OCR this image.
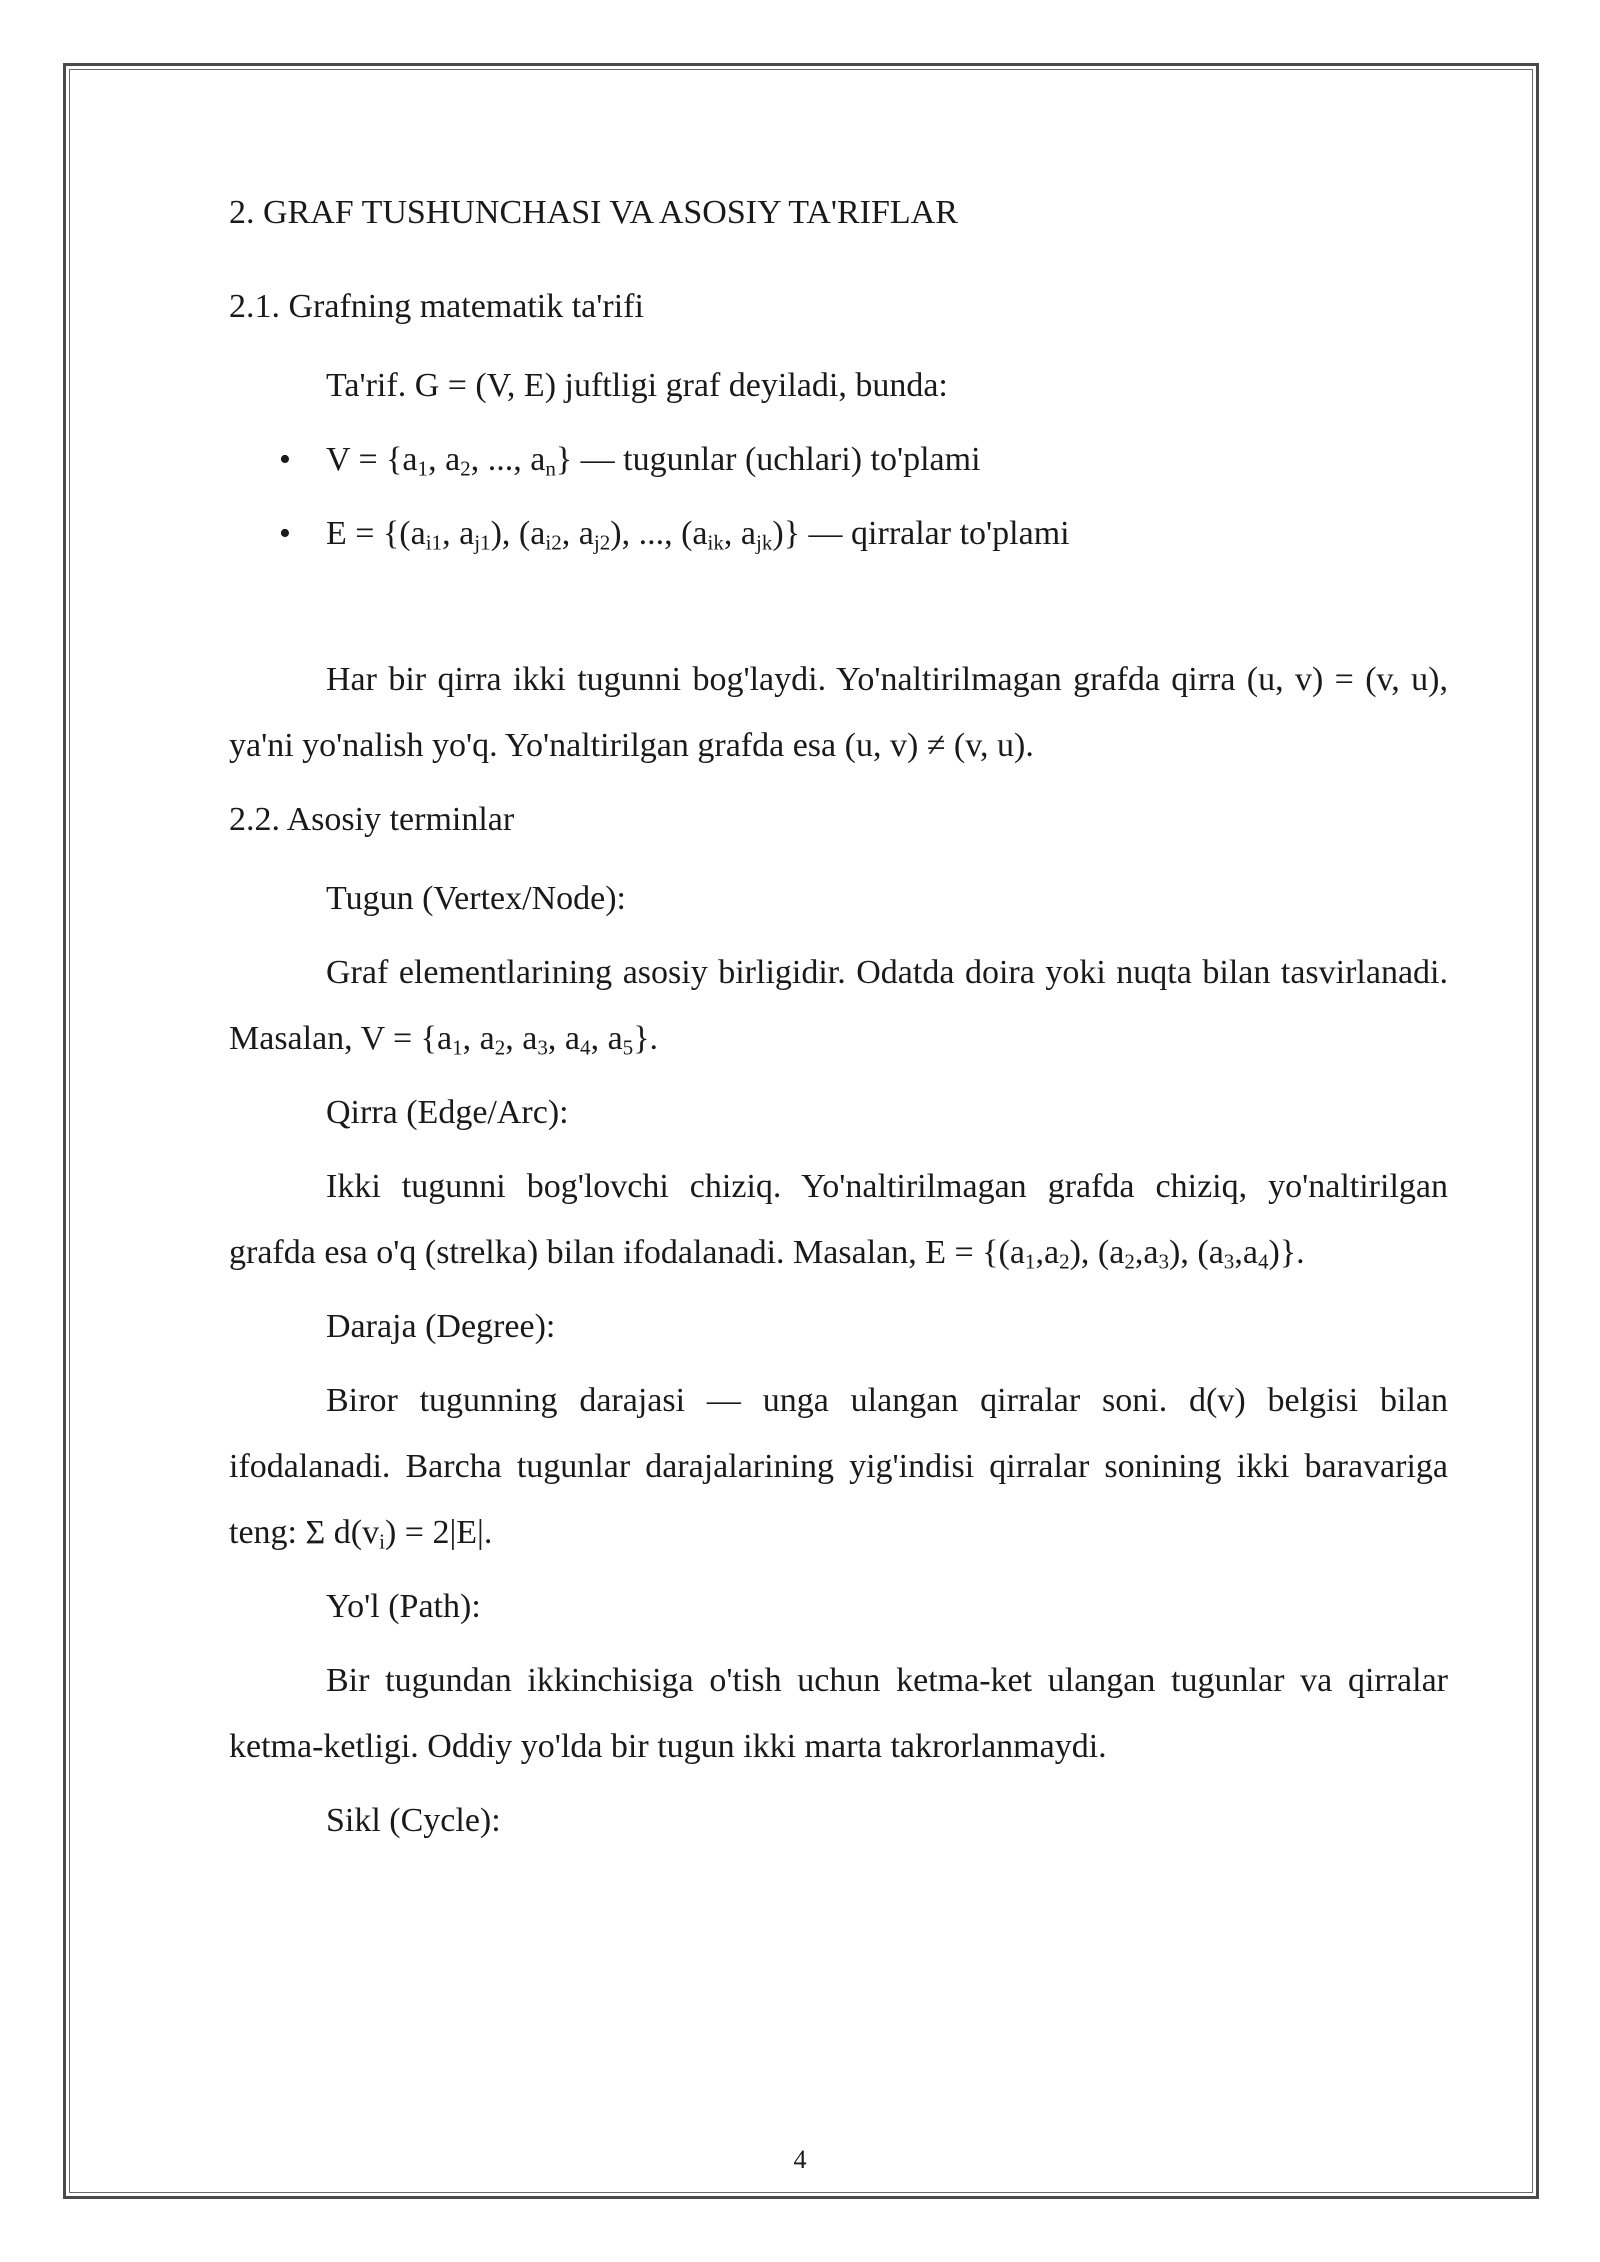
2. GRAF TUSHUNCHASI VA ASOSIY TA'RIFLAR

2.1. Grafning matematik ta'rifi

Ta'rif. G = (V, E) juftligi graf deyiladi, bunda:

• $V = \{a_1$, $a_2$, ..., $a_n$} — tugunlar (uchlari) to'plami

• $E = \{(a_{i1}$, $a_{j1}$), ($a_{i2}$, $a_{j2}$), ..., ($a_{ik}$, $a_{jk}$)} — qirralar to'plami

Har bir qirra ikki tugunni bog'laydi. Yo'naltirilmagan grafda qirra (u, v) = (v, u), ya'ni yo'nalish yo'q. Yo'naltirilgan grafda esa (u, v) ≠ (v, u).

2.2. Asosiy terminlar

Tugun (Vertex/Node):

Graf elementlarining asosiy birligidir. Odatda doira yoki nuqta bilan tasvirlanadi. Masalan, $V = \{a_1$, $a_2$, $a_3$, $a_4$, $a_5$}.

Qirra (Edge/Arc):

Ikki tugunni bog'lovchi chiziq. Yo'naltirilmagan grafda chiziq, yo'naltirilgan grafda esa o'q (strelka) bilan ifodalanadi. Masalan, $E = \{(a_1,a_2)$, $(a_2,a_3)$, $(a_3,a_4)$}.

Daraja (Degree):

Biror tugunning darajasi — unga ulangan qirralar soni. d(v) belgisi bilan ifodalanadi. Barcha tugunlar darajalarining yig'indisi qirralar sonining ikki baravariga teng: Σ $d(v_i) = 2|E|$.

Yo'l (Path):

Bir tugundan ikkinchisiga o'tish uchun ketma-ket ulangan tugunlar va qirralar ketma-ketligi. Oddiy yo'lda bir tugun ikki marta takrorlanmaydi.

Sikl (Cycle):

4
